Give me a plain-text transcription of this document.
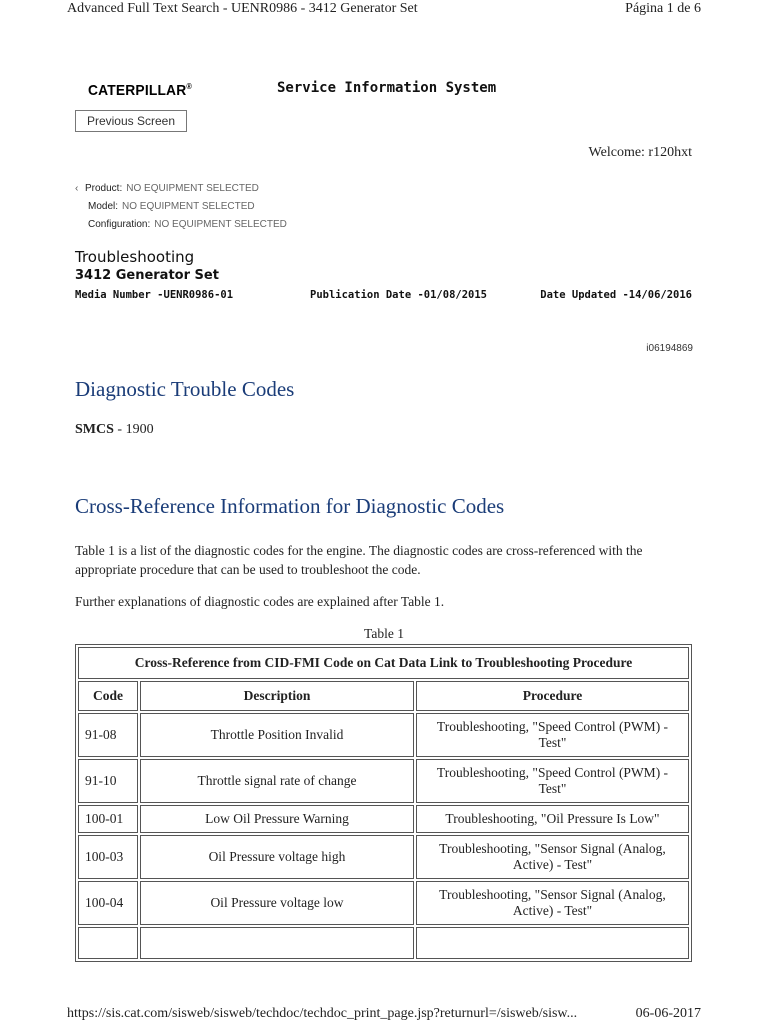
Advanced Full Text Search - UENR0986 - 3412 Generator Set	Página 1 de 6
CATERPILLAR®	Service Information System
Previous Screen
Welcome: r120hxt
‹ Product: NO EQUIPMENT SELECTED
Model: NO EQUIPMENT SELECTED
Configuration: NO EQUIPMENT SELECTED
Troubleshooting
3412 Generator Set
Media Number -UENR0986-01	Publication Date -01/08/2015	Date Updated -14/06/2016
i06194869
Diagnostic Trouble Codes
SMCS - 1900
Cross-Reference Information for Diagnostic Codes
Table 1 is a list of the diagnostic codes for the engine. The diagnostic codes are cross-referenced with the appropriate procedure that can be used to troubleshoot the code.
Further explanations of diagnostic codes are explained after Table 1.
Table 1
Cross-Reference from CID-FMI Code on Cat Data Link to Troubleshooting Procedure		
Code	Description	Procedure
91-08	Throttle Position Invalid	Troubleshooting, "Speed Control (PWM) - Test"
91-10	Throttle signal rate of change	Troubleshooting, "Speed Control (PWM) - Test"
100-01	Low Oil Pressure Warning	Troubleshooting, "Oil Pressure Is Low"
100-03	Oil Pressure voltage high	Troubleshooting, "Sensor Signal (Analog, Active) - Test"
100-04	Oil Pressure voltage low	Troubleshooting, "Sensor Signal (Analog, Active) - Test"

https://sis.cat.com/sisweb/sisweb/techdoc/techdoc_print_page.jsp?returnurl=/sisweb/sisw...	06-06-2017
